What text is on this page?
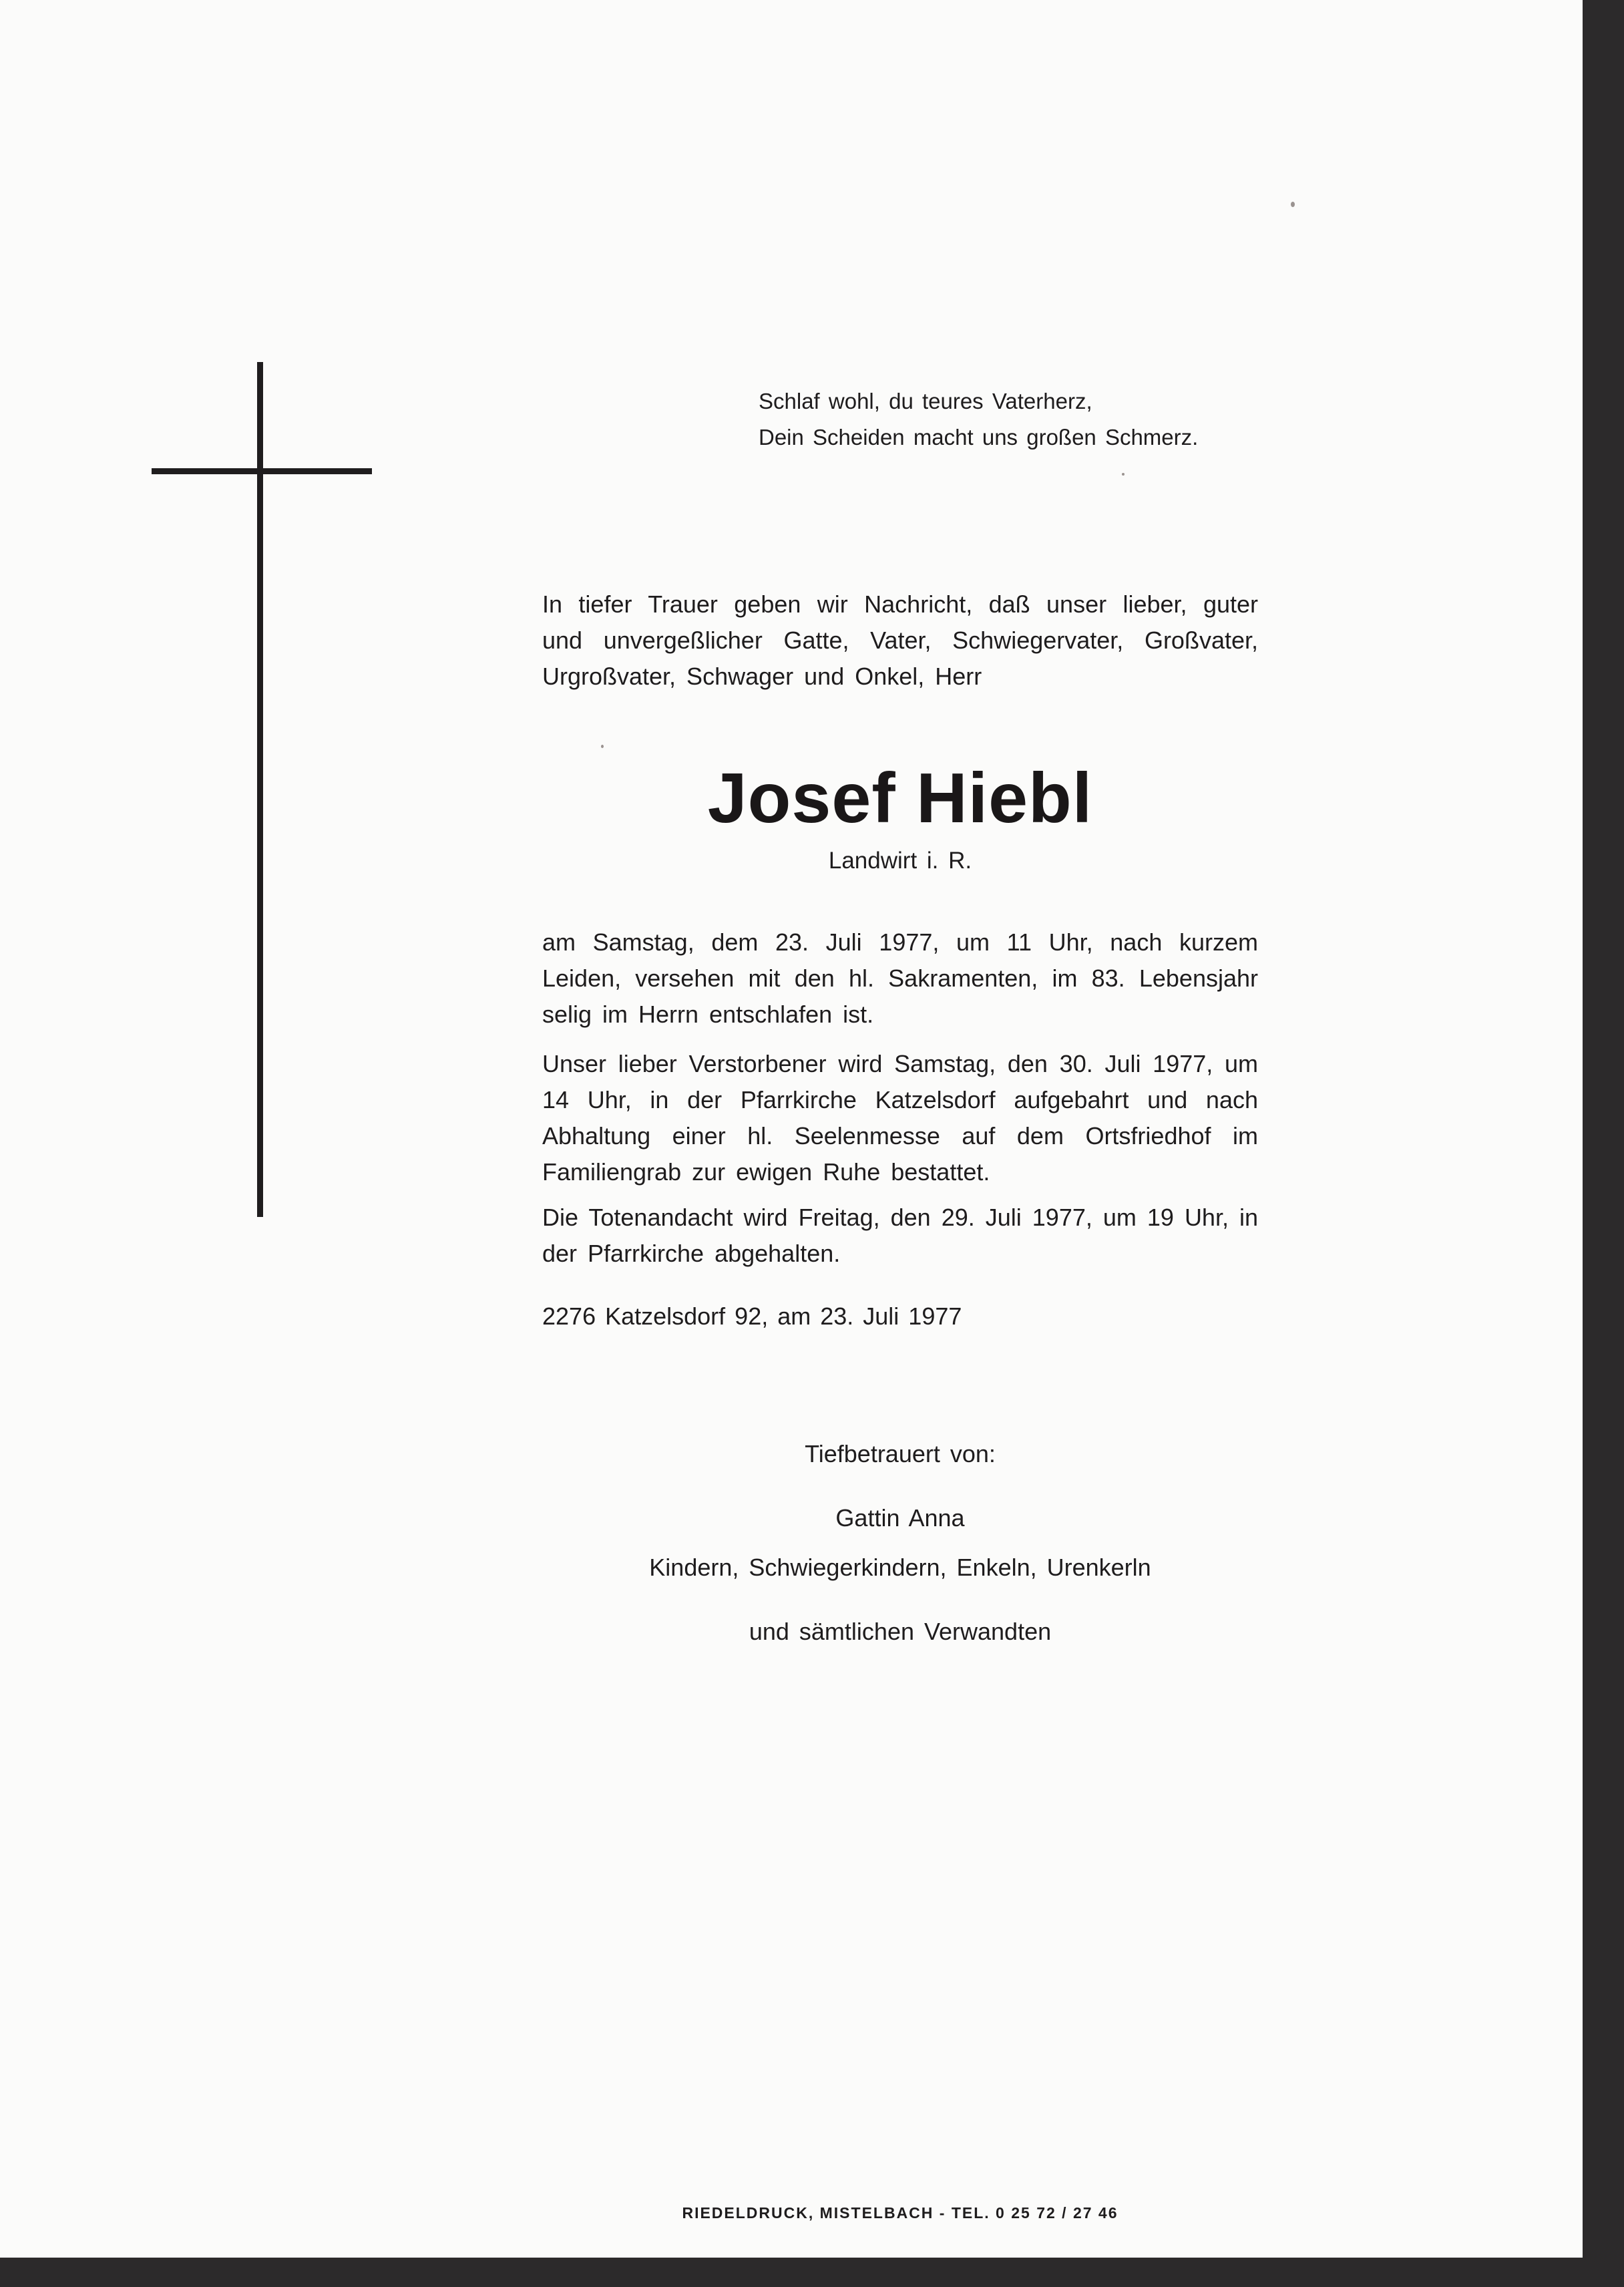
Schlaf wohl, du teures Vaterherz,
Dein Scheiden macht uns großen Schmerz.
In tiefer Trauer geben wir Nachricht, daß unser lieber, guter und unvergeßlicher Gatte, Vater, Schwiegervater, Großvater, Urgroßvater, Schwager und Onkel, Herr
Josef Hiebl
Landwirt i. R.
am Samstag, dem 23. Juli 1977, um 11 Uhr, nach kurzem Leiden, versehen mit den hl. Sakramenten, im 83. Lebensjahr selig im Herrn entschlafen ist.
Unser lieber Verstorbener wird Samstag, den 30. Juli 1977, um 14 Uhr, in der Pfarrkirche Katzelsdorf aufgebahrt und nach Abhaltung einer hl. Seelenmesse auf dem Ortsfriedhof im Familiengrab zur ewigen Ruhe bestattet.
Die Totenandacht wird Freitag, den 29. Juli 1977, um 19 Uhr, in der Pfarrkirche abgehalten.
2276 Katzelsdorf 92, am 23. Juli 1977
Tiefbetrauert von:
Gattin Anna
Kindern, Schwiegerkindern, Enkeln, Urenkerln
und sämtlichen Verwandten
RIEDELDRUCK, MISTELBACH - TEL. 0 25 72 / 27 46
